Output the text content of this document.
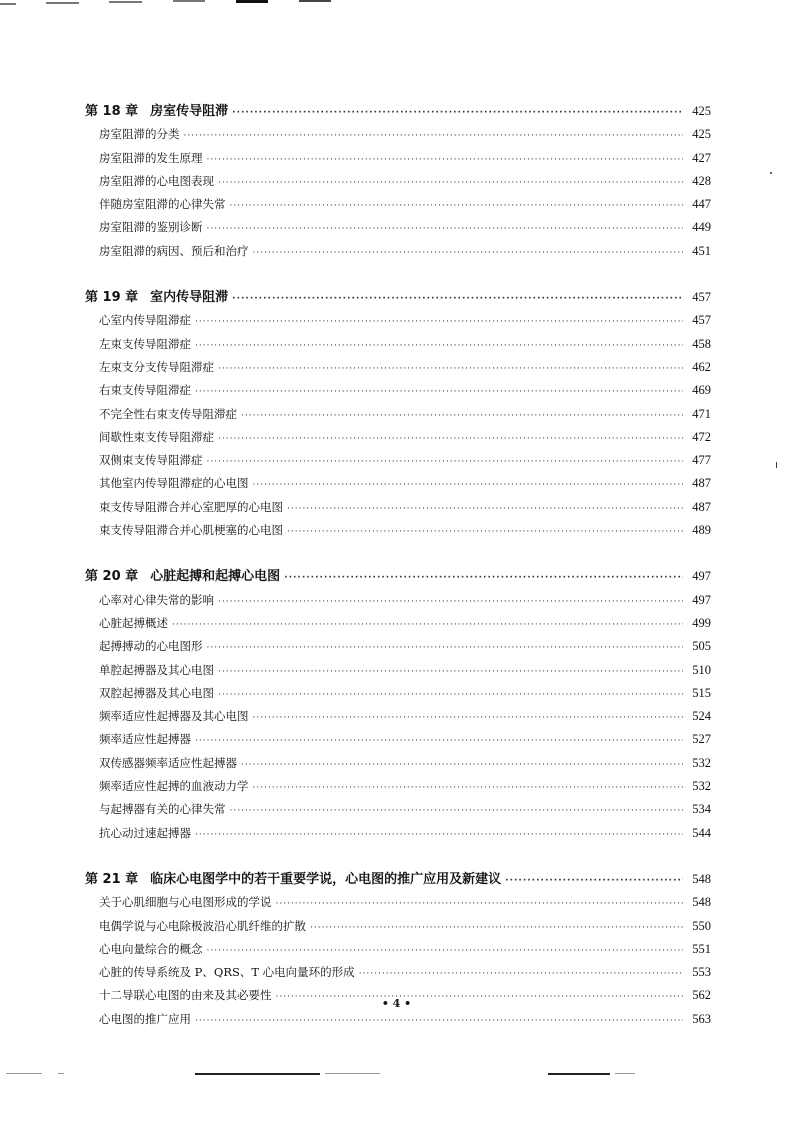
第 18 章 房室传导阻滞 ·····	425
房室阻滞的分类 ·····	425
房室阻滞的发生原理 ·····	427
房室阻滞的心电图表现 ·····	428
伴随房室阻滞的心律失常 ·····	447
房室阻滞的鉴别诊断 ·····	449
房室阻滞的病因、预后和治疗 ·····	451
第 19 章 室内传导阻滞 ·····	457
心室内传导阻滞症 ·····	457
左束支传导阻滞症 ·····	458
左束支分支传导阻滞症 ·····	462
右束支传导阻滞症 ·····	469
不完全性右束支传导阻滞症 ·····	471
间歇性束支传导阻滞症 ·····	472
双侧束支传导阻滞症 ·····	477
其他室内传导阻滞症的心电图 ·····	487
束支传导阻滞合并心室肥厚的心电图 ·····	487
束支传导阻滞合并心肌梗塞的心电图 ·····	489
第 20 章 心脏起搏和起搏心电图 ·····	497
心率对心律失常的影响 ·····	497
心脏起搏概述 ·····	499
起搏搏动的心电图形 ·····	505
单腔起搏器及其心电图 ·····	510
双腔起搏器及其心电图 ·····	515
频率适应性起搏器及其心电图 ·····	524
频率适应性起搏器 ·····	527
双传感器频率适应性起搏器 ·····	532
频率适应性起搏的血液动力学 ·····	532
与起搏器有关的心律失常 ·····	534
抗心动过速起搏器 ·····	544
第 21 章 临床心电图学中的若干重要学说，心电图的推广应用及新建议 ·····	548
关于心肌细胞与心电图形成的学说 ·····	548
电偶学说与心电除极波沿心肌纤维的扩散 ·····	550
心电向量综合的概念 ·····	551
心脏的传导系统及 P、QRS、T 心电向量环的形成 ·····	553
十二导联心电图的由来及其必要性 ·····	562
心电图的推广应用 ·····	563
• 4 •
